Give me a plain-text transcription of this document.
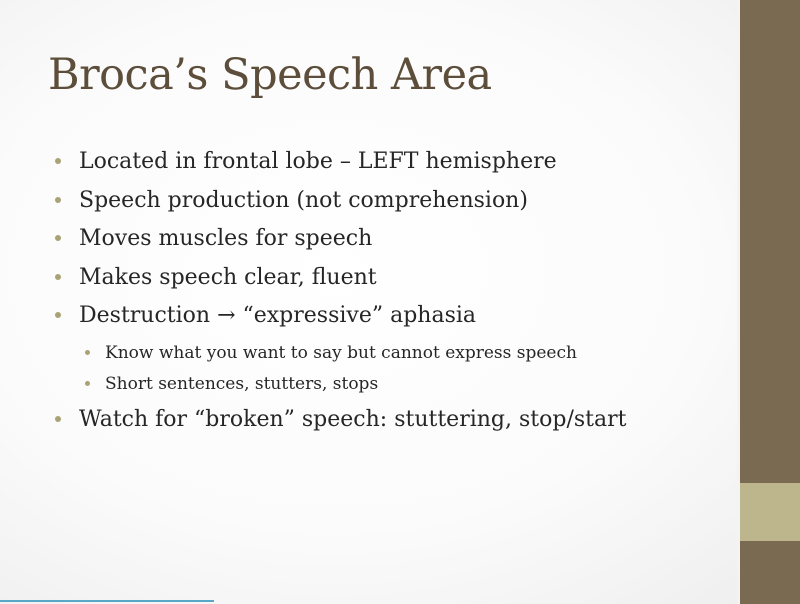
Broca’s Speech Area
Located in frontal lobe – LEFT hemisphere
Speech production (not comprehension)
Moves muscles for speech
Makes speech clear, fluent
Destruction → “expressive” aphasia
Know what you want to say but cannot express speech
Short sentences, stutters, stops
Watch for “broken” speech: stuttering, stop/start
